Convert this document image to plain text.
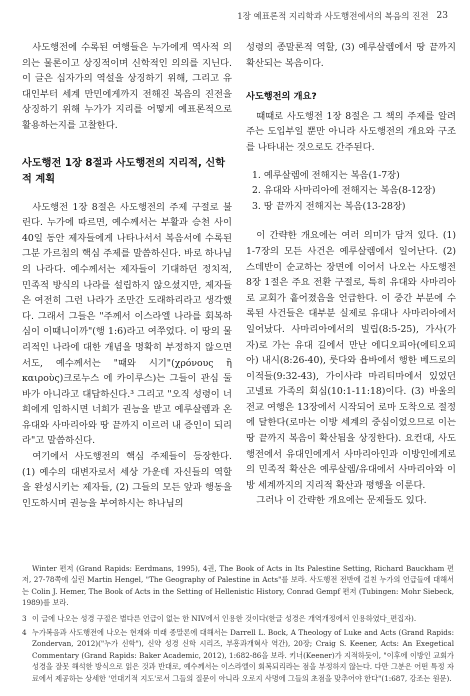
1장 예표론적 지리학과 사도행전에서의 복음의 진전 23

사도행전에 수록된 여행들은 누가에게 역사적 의의는 물론이고 상징적이며 신학적인 의의를 지닌다. 이 글은 십자가의 역설을 상징하기 위해, 그리고 유대인부터 세계 만민에게까지 전해진 복음의 진전을 상징하기 위해 누가가 지리를 어떻게 예표론적으로 활용하는지를 고찰한다.

사도행전 1장 8절과 사도행전의 지리적, 신학적 계획

사도행전 1장 8절은 사도행전의 주제 구절로 불린다. 누가에 따르면, 예수께서는 부활과 승천 사이 40일 동안 제자들에게 나타나서서 복음서에 수록된 그분 가르침의 핵심 주제를 말씀하신다. 바로 하나님의 나라다. 예수께서는 제자들이 기대하던 정치적, 민족적 방식의 나라를 설립하지 않으셨지만, 제자들은 여전히 그런 나라가 조만간 도래하리라고 생각했다. 그래서 그들은 "주께서 이스라엘 나라를 회복하심이 이때니이까"(행 1:6)라고 여쭈었다. 이 땅의 물리적인 나라에 대한 개념을 명확히 부정하지 않으면서도, 예수께서는 "때와 시기"(χρόνους ἢ καιροὺς)크로누스 에 카이루스)는 그들이 관심 둘 바가 아니라고 대답하신다.³ 그리고 "오직 성령이 너희에게 임하시면 너희가 권능을 받고 예루살렘과 온 유대와 사마리아와 땅 끝까지 이르러 내 증인이 되리라"고 말씀하신다.

여기에서 사도행전의 핵심 주제들이 등장한다. (1) 예수의 대변자로서 세상 가운데 자신들의 역할을 완성시키는 제자들, (2) 그들의 모든 앞과 행동을 인도하시며 권능을 부여하시는 하나님의

성령의 종말론적 역할, (3) 예루살렘에서 땅 끝까지 확산되는 복음이다.

사도행전의 개요?

때때로 사도행전 1장 8절은 그 책의 주제를 알려 주는 도입부일 뿐만 아니라 사도행전의 개요와 구조를 나타내는 것으로도 간주된다.

1. 예루살렘에 전해지는 복음(1-7장)
2. 유대와 사마리아에 전해지는 복음(8-12장)
3. 땅 끝까지 전해지는 복음(13-28장)

이 간략한 개요에는 여러 의미가 담겨 있다. (1) 1-7장의 모든 사건은 예루살렘에서 일어난다. (2) 스데반이 순교하는 장면에 이어서 나오는 사도행전 8장 1절은 주요 전환 구절로, 특히 유대와 사마리아로 교회가 흩어졌음을 언급한다. 이 중간 부분에 수록된 사건들은 대부분 실제로 유대나 사마리아에서 일어났다. 사마리아에서의 빌립(8:5-25), 가사(가자)로 가는 유대 길에서 만난 에디오피아(에티오피아) 내시(8:26-40), 룻다와 욥바에서 행한 베드로의 이적들(9:32-43), 가이사랴 마리티마에서 있었던 고넬료 가족의 회심(10:1-11:18)이다. (3) 바울의 전교 여행은 13장에서 시작되어 로마 도착으로 절정에 달한다(로마는 이방 세계의 중심이었으므로 이는 땅 끝까지 복음이 확산됨을 상징한다). 요컨대, 사도행전에서 유대인에게서 사마리아인과 이방인에게로의 민족적 확산은 예루살렘/유대에서 사마리아와 이방 세계까지의 지리적 확산과 평행을 이룬다.

그러나 이 간략한 개요에는 문제들도 있다.

Winter 편저 (Grand Rapids: Eerdmans, 1995), 4권, The Book of Acts in Its Palestine Setting, Richard Bauckham 편저, 27-78쪽에 실린 Martin Hengel, "The Geography of Palestine in Acts"를 보라. 사도행전 전반에 걸친 누가의 언급들에 대해서는 Colin J. Hemer, The Book of Acts in the Setting of Hellenistic History, Conrad Gempf 편저 (Tubingen: Mohr Siebeck, 1989)를 보라.

3 이 글에 나오는 성경 구절은 별다른 언급이 없는 한 NIV에서 인용한 것이다(한글 성경은 개역개정에서 인용하였다_편집자).
4 누가복음과 사도행전에 나오는 현재와 미래 종말론에 대해서는 Darrell L. Bock, A Theology of Luke and Acts (Grand Rapids: Zondervan, 2012)("누가 신학"), 신약 성경 신학 시리즈, 부흥과개혁사 역간), 20장; Craig S. Keener, Acts: An Exegetical Commentary (Grand Rapids: Baker Academic, 2012), 1:682-86을 보라. 키너(Keener)가 지적하듯이, "이후에 이방인 교회가 성경을 잘못 해석한 방식으로 읽은 것과 반대로, 예수께서는 이스라엘이 회복되리라는 점을 부정하지 않는다. 다만 그분은 어떤 특정 자료에서 제공하는 상세한 '언대기적 지도'로서 그들의 질문이 아니라 오로지 사명에 그들의 초점을 맞추어야 한다"(1:687, 강조는 원문).
